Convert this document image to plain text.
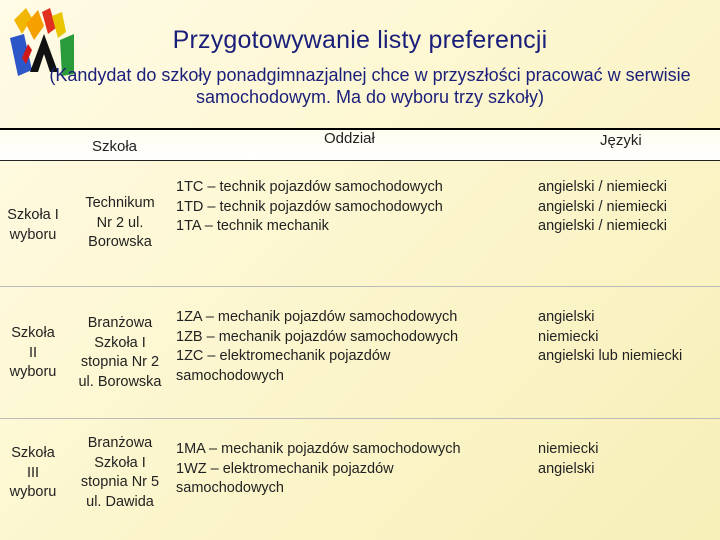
Przygotowywanie listy preferencji
(Kandydat do szkoły ponadgimnazjalnej chce w przyszłości pracować w serwisie samochodowym. Ma do wyboru trzy szkoły)
Szkoła	Oddział	Języki
Szkoła I
wyboru
Technikum
Nr 2 ul.
Borowska
1TC – technik pojazdów samochodowych
1TD – technik pojazdów samochodowych
1TA – technik mechanik
angielski / niemiecki
angielski / niemiecki
angielski / niemiecki
Szkoła
II
wyboru
Branżowa
Szkoła I
stopnia Nr 2
ul. Borowska
1ZA – mechanik pojazdów samochodowych
1ZB – mechanik pojazdów samochodowych
1ZC – elektromechanik pojazdów
samochodowych
angielski
niemiecki
angielski lub niemiecki
Szkoła
III
wyboru
Branżowa
Szkoła I
stopnia Nr 5
ul. Dawida
1MA – mechanik pojazdów samochodowych
1WZ – elektromechanik pojazdów
samochodowych
niemiecki
angielski
